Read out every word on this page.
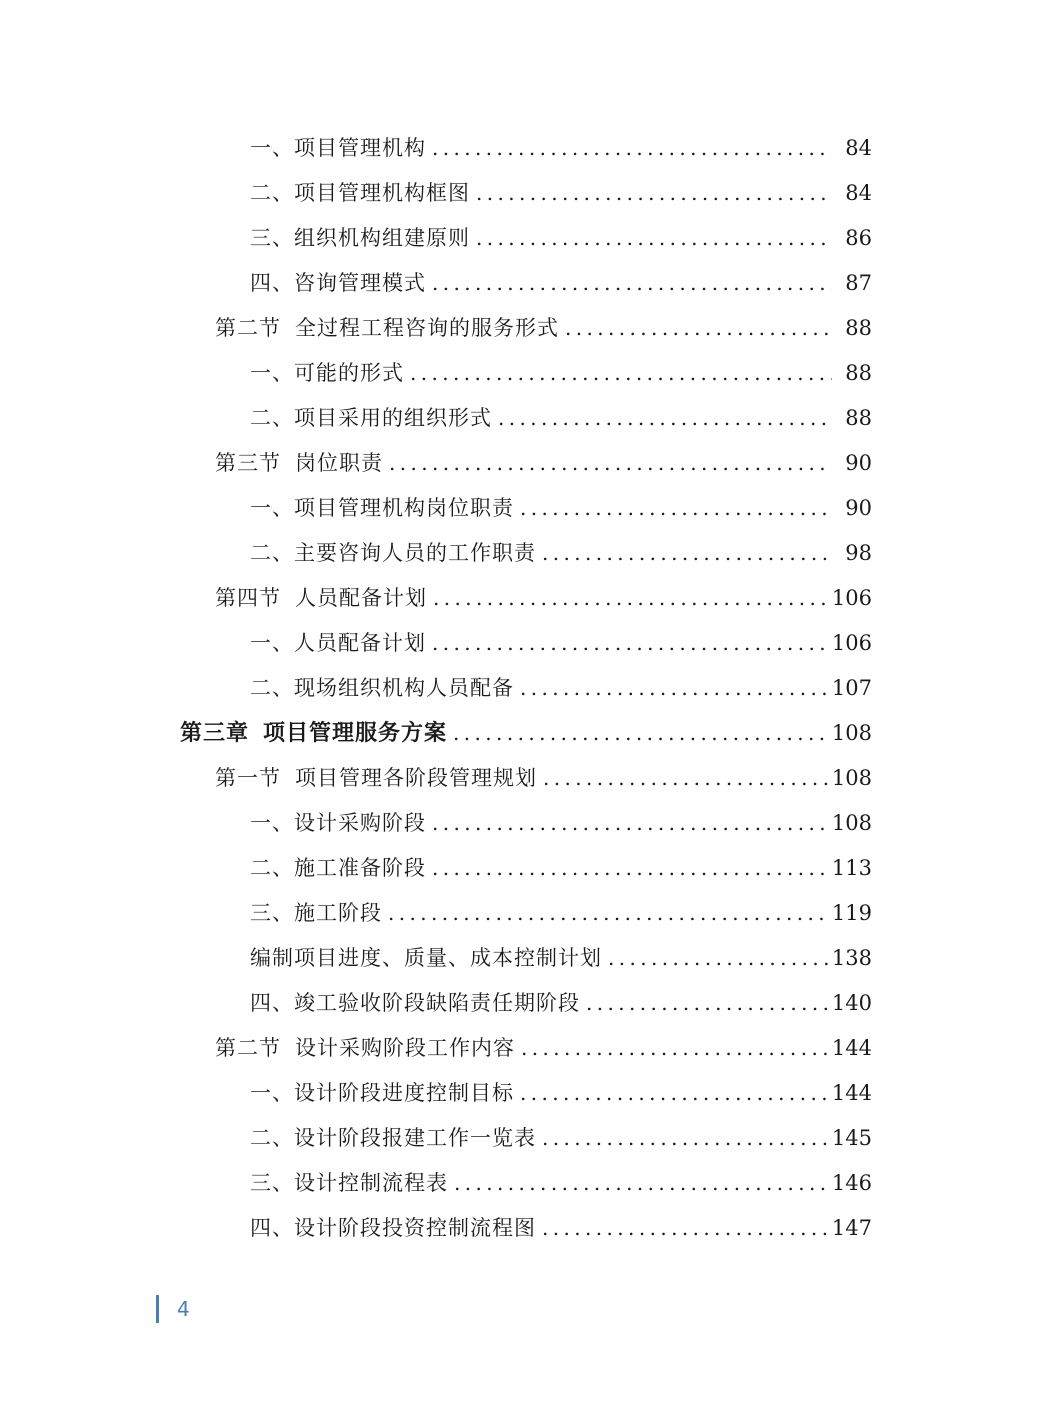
一、项目管理机构 .....	84
二、项目管理机构框图 .....	84
三、组织机构组建原则 .....	86
四、咨询管理模式 .....	87
第二节 全过程工程咨询的服务形式 .....	88
一、可能的形式 .....	88
二、项目采用的组织形式 .....	88
第三节 岗位职责 .....	90
一、项目管理机构岗位职责 .....	90
二、主要咨询人员的工作职责 .....	98
第四节 人员配备计划 .....	106
一、人员配备计划 .....	106
二、现场组织机构人员配备 .....	107
第三章 项目管理服务方案 .....	108
第一节 项目管理各阶段管理规划 .....	108
一、设计采购阶段 .....	108
二、施工准备阶段 .....	113
三、施工阶段 .....	119
编制项目进度、质量、成本控制计划 .....	138
四、竣工验收阶段缺陷责任期阶段 .....	140
第二节 设计采购阶段工作内容 .....	144
一、设计阶段进度控制目标 .....	144
二、设计阶段报建工作一览表 .....	145
三、设计控制流程表 .....	146
四、设计阶段投资控制流程图 .....	147
4
